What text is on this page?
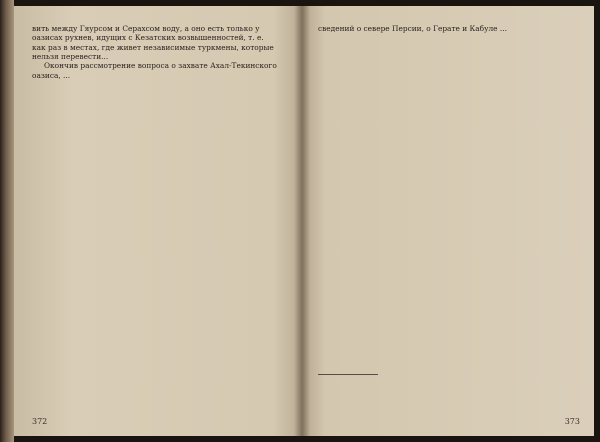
вить между Гяурсом и Серахсом воду, а оно есть только у
оазисах рухнев, идущих с Кезатских возвышенностей, т. е.
как раз в местах, где живет независимые туркмены, которые
нельзя перевести...
Окончив рассмотрение вопроса о захвате Ахал-Текинского
оазиса, ...
372
сведений о севере Персии, о Герате и Кабуле ...
373
